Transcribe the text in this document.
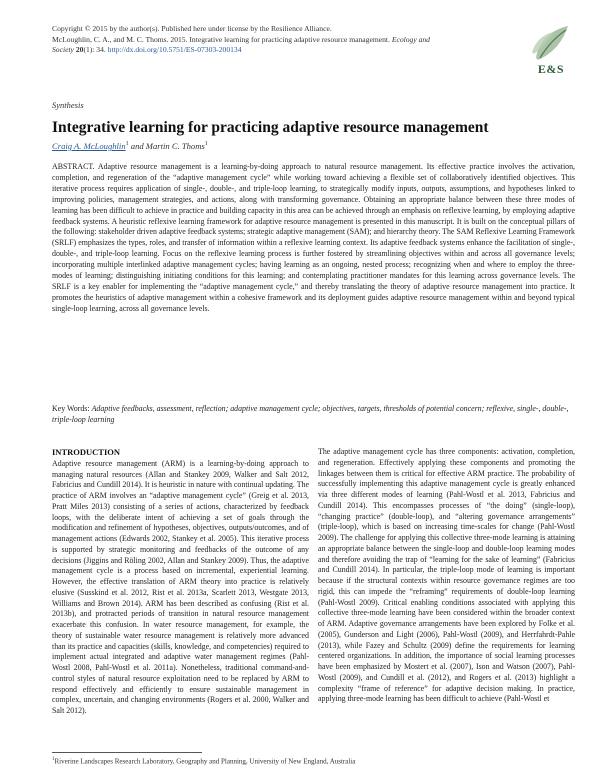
Copyright © 2015 by the author(s). Published here under license by the Resilience Alliance.
McLoughlin, C. A., and M. C. Thoms. 2015. Integrative learning for practicing adaptive resource management. Ecology and
Society 20(1): 34. http://dx.doi.org/10.5751/ES-07303-200134
E&S
Synthesis
Integrative learning for practicing adaptive resource management
Craig A. McLoughlin$^1$ and Martin C. Thoms$^1$

ABSTRACT. Adaptive resource management is a learning-by-doing approach to natural resource management. Its effective practice involves the activation, completion, and regeneration of the “adaptive management cycle” while working toward achieving a flexible set of collaboratively identified objectives. This iterative process requires application of single-, double-, and triple-loop learning, to strategically modify inputs, outputs, assumptions, and hypotheses linked to improving policies, management strategies, and actions, along with transforming governance. Obtaining an appropriate balance between these three modes of learning has been difficult to achieve in practice and building capacity in this area can be achieved through an emphasis on reflexive learning, by employing adaptive feedback systems. A heuristic reflexive learning framework for adaptive resource management is presented in this manuscript. It is built on the conceptual pillars of the following: stakeholder driven adaptive feedback systems; strategic adaptive management (SAM); and hierarchy theory. The SAM Reflexive Learning Framework (SRLF) emphasizes the types, roles, and transfer of information within a reflexive learning context. Its adaptive feedback systems enhance the facilitation of single-, double-, and triple-loop learning. Focus on the reflexive learning process is further fostered by streamlining objectives within and across all governance levels; incorporating multiple interlinked adaptive management cycles; having learning as an ongoing, nested process; recognizing when and where to employ the three-modes of learning; distinguishing initiating conditions for this learning; and contemplating practitioner mandates for this learning across governance levels. The SRLF is a key enabler for implementing the “adaptive management cycle,” and thereby translating the theory of adaptive resource management into practice. It promotes the heuristics of adaptive management within a cohesive framework and its deployment guides adaptive resource management within and beyond typical single-loop learning, across all governance levels.

Key Words: Adaptive feedbacks, assessment, reflection; adaptive management cycle; objectives, targets, thresholds of potential concern; reflexive, single-, double-, triple-loop learning
INTRODUCTION

Adaptive resource management (ARM) is a learning-by-doing approach to managing natural resources (Allan and Stankey 2009, Walker and Salt 2012, Fabricius and Cundill 2014). It is heuristic in nature with continual updating. The practice of ARM involves an “adaptive management cycle” (Greig et al. 2013, Pratt Miles 2013) consisting of a series of actions, characterized by feedback loops, with the deliberate intent of achieving a set of goals through the modification and refinement of hypotheses, objectives, outputs/outcomes, and of management actions (Edwards 2002, Stankey et al. 2005). This iterative process is supported by strategic monitoring and feedbacks of the outcome of any decisions (Jiggins and Röling 2002, Allan and Stankey 2009). Thus, the adaptive management cycle is a process based on incremental, experiential learning. However, the effective translation of ARM theory into practice is relatively elusive (Susskind et al. 2012, Rist et al. 2013a, Scarlett 2013, Westgate 2013, Williams and Brown 2014). ARM has been described as confusing (Rist et al. 2013b), and protracted periods of transition in natural resource management exacerbate this confusion. In water resource management, for example, the theory of sustainable water resource management is relatively more advanced than its practice and capacities (skills, knowledge, and competencies) required to implement actual integrated and adaptive water management regimes (Pahl-Wostl 2008, Pahl-Wostl et al. 2011a). Nonetheless, traditional command-and-control styles of natural resource exploitation need to be replaced by ARM to respond effectively and efficiently to ensure sustainable management in complex, uncertain, and changing environments (Rogers et al. 2000, Walker and Salt 2012).

The adaptive management cycle has three components: activation, completion, and regeneration. Effectively applying these components and promoting the linkages between them is critical for effective ARM practice. The probability of successfully implementing this adaptive management cycle is greatly enhanced via three different modes of learning (Pahl-Wostl et al. 2013, Fabricius and Cundill 2014). This encompasses processes of “the doing” (single-loop), “changing practice” (double-loop), and “altering governance arrangements” (triple-loop), which is based on increasing time-scales for change (Pahl-Wostl 2009). The challenge for applying this collective three-mode learning is attaining an appropriate balance between the single-loop and double-loop learning modes and therefore avoiding the trap of “learning for the sake of learning” (Fabricius and Cundill 2014). In particular, the triple-loop mode of learning is important because if the structural contexts within resource governance regimes are too rigid, this can impede the “reframing” requirements of double-loop learning (Pahl-Wostl 2009). Critical enabling conditions associated with applying this collective three-mode learning have been considered within the broader context of ARM. Adaptive governance arrangements have been explored by Folke et al. (2005), Gunderson and Light (2006), Pahl-Wostl (2009), and Herrfahrdt-Pahle (2013), while Fazey and Schultz (2009) define the requirements for learning centered organizations. In addition, the importance of social learning processes have been emphasized by Mostert et al. (2007), Ison and Watson (2007), Pahl-Wostl (2009), and Cundill et al. (2012), and Rogers et al. (2013) highlight a complexity “frame of reference” for adaptive decision making. In practice, applying three-mode learning has been difficult to achieve (Pahl-Wostl et

$^1$Riverine Landscapes Research Laboratory, Geography and Planning, University of New England, Australia
